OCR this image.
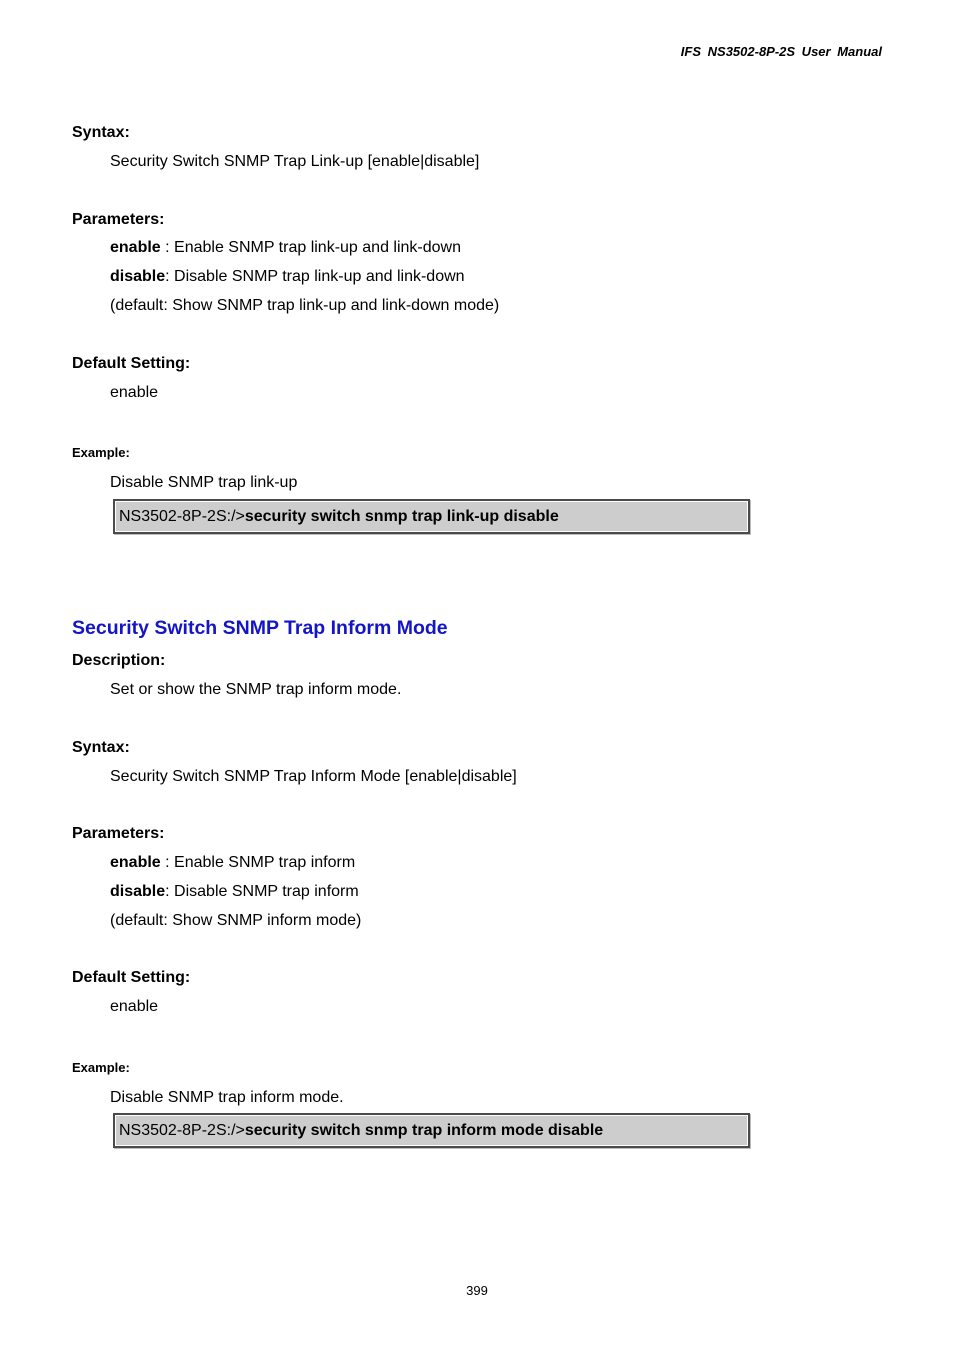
IFS NS3502-8P-2S User Manual
Syntax:
Security Switch SNMP Trap Link-up [enable|disable]
Parameters:
enable : Enable SNMP trap link-up and link-down
disable: Disable SNMP trap link-up and link-down
(default: Show SNMP trap link-up and link-down mode)
Default Setting:
enable
Example:
Disable SNMP trap link-up
NS3502-8P-2S:/>security switch snmp trap link-up disable
Security Switch SNMP Trap Inform Mode
Description:
Set or show the SNMP trap inform mode.
Syntax:
Security Switch SNMP Trap Inform Mode [enable|disable]
Parameters:
enable : Enable SNMP trap inform
disable: Disable SNMP trap inform
(default: Show SNMP inform mode)
Default Setting:
enable
Example:
Disable SNMP trap inform mode.
NS3502-8P-2S:/>security switch snmp trap inform mode disable
399
